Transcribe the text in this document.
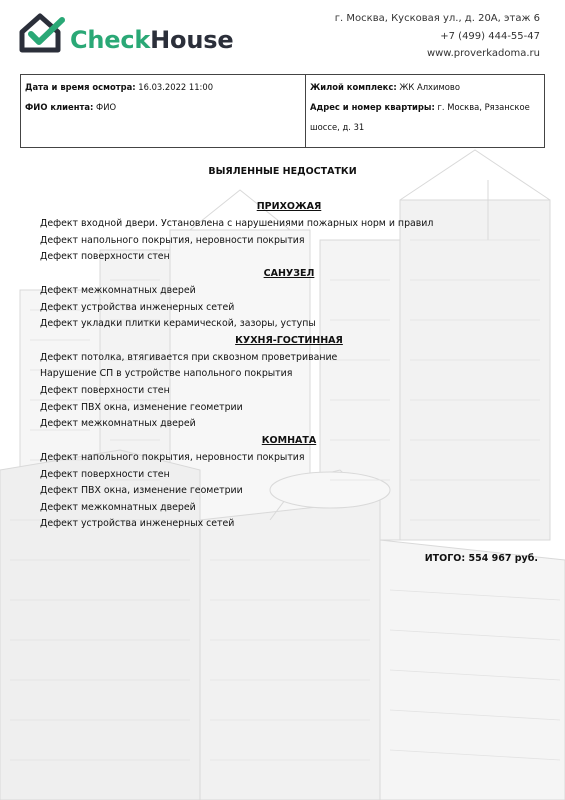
CheckHouse
г. Москва, Кусковая ул., д. 20А, этаж 6
+7 (499) 444-55-47
www.proverkadoma.ru
Дата и время осмотра: 16.03.2022 11:00
ФИО клиента: ФИО
Жилой комплекс: ЖК Алхимово
Адрес и номер квартиры: г. Москва, Рязанское шоссе, д. 31
ВЫЯЛЕННЫЕ НЕДОСТАТКИ
ПРИХОЖАЯ
Дефект входной двери. Установлена с нарушениями пожарных норм и правил
Дефект напольного покрытия, неровности покрытия
Дефект поверхности стен
САНУЗЕЛ
Дефект межкомнатных дверей
Дефект устройства инженерных сетей
Дефект укладки плитки керамической, зазоры, уступы
КУХНЯ-ГОСТИННАЯ
Дефект потолка, втягивается при сквозном проветривание
Нарушение СП в устройстве напольного покрытия
Дефект поверхности стен
Дефект ПВХ окна, изменение геометрии
Дефект межкомнатных дверей
КОМНАТА
Дефект напольного покрытия, неровности покрытия
Дефект поверхности стен
Дефект ПВХ окна, изменение геометрии
Дефект межкомнатных дверей
Дефект устройства инженерных сетей
ИТОГО: 554 967 руб.
